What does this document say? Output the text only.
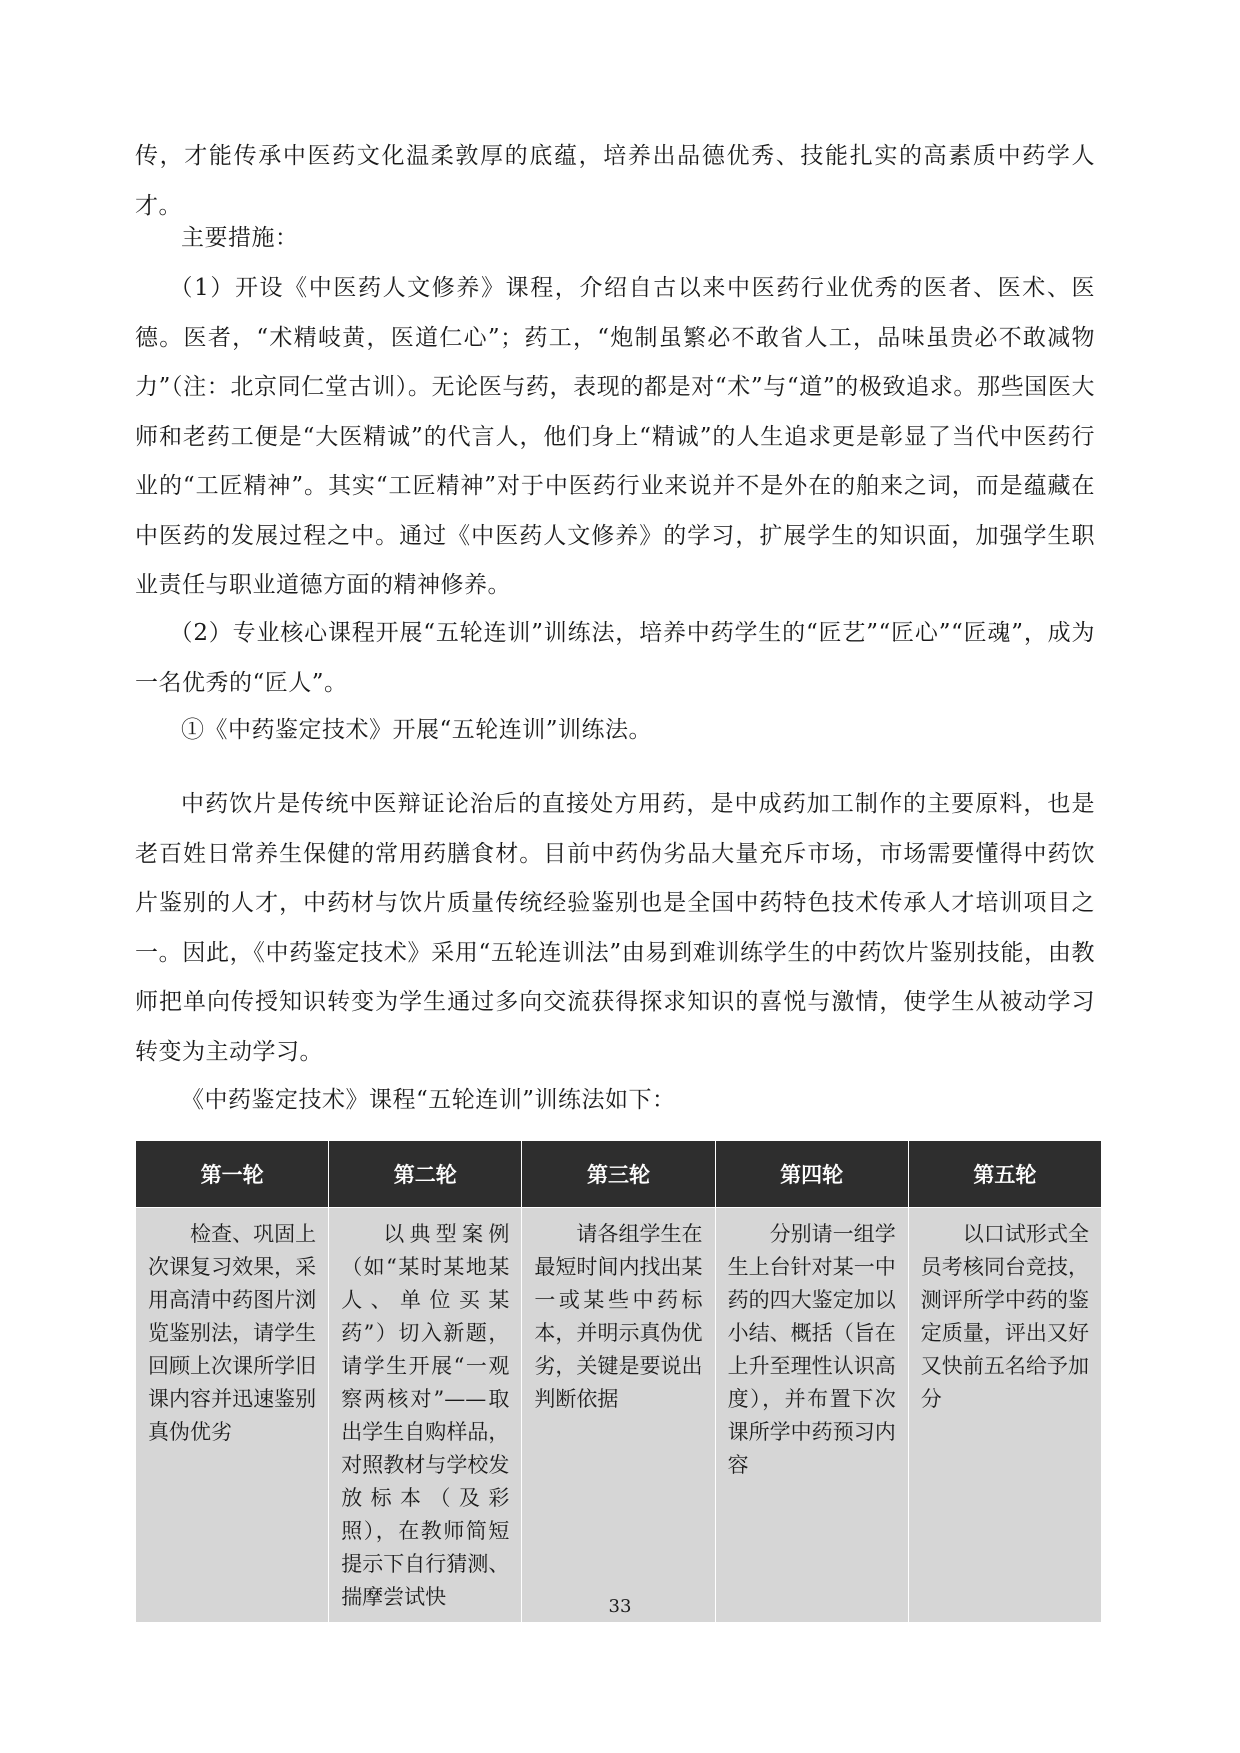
传，才能传承中医药文化温柔敦厚的底蕴，培养出品德优秀、技能扎实的高素质中药学人才。

主要措施：

（1）开设《中医药人文修养》课程，介绍自古以来中医药行业优秀的医者、医术、医德。医者，“术精岐黄，医道仁心”；药工，“炮制虽繁必不敢省人工，品味虽贵必不敢减物力”（注：北京同仁堂古训）。无论医与药，表现的都是对“术”与“道”的极致追求。那些国医大师和老药工便是“大医精诚”的代言人，他们身上“精诚”的人生追求更是彰显了当代中医药行业的“工匠精神”。其实“工匠精神”对于中医药行业来说并不是外在的舶来之词，而是蕴藏在中医药的发展过程之中。通过《中医药人文修养》的学习，扩展学生的知识面，加强学生职业责任与职业道德方面的精神修养。

（2）专业核心课程开展“五轮连训”训练法，培养中药学生的“匠艺”“匠心”“匠魂”，成为一名优秀的“匠人”。

①《中药鉴定技术》开展“五轮连训”训练法。

中药饮片是传统中医辩证论治后的直接处方用药，是中成药加工制作的主要原料，也是老百姓日常养生保健的常用药膳食材。目前中药伪劣品大量充斥市场，市场需要懂得中药饮片鉴别的人才，中药材与饮片质量传统经验鉴别也是全国中药特色技术传承人才培训项目之一。因此，《中药鉴定技术》采用“五轮连训法”由易到难训练学生的中药饮片鉴别技能，由教师把单向传授知识转变为学生通过多向交流获得探求知识的喜悦与激情，使学生从被动学习转变为主动学习。

《中药鉴定技术》课程“五轮连训”训练法如下：

第一轮	第二轮	第三轮	第四轮	第五轮
检查、巩固上次课复习效果，采用高清中药图片浏览鉴别法，请学生回顾上次课所学旧课内容并迅速鉴别真伪优劣	以典型案例（如“某时某地某人、单位买某药”）切入新题，请学生开展“一观察两核对”——取出学生自购样品，对照教材与学校发放标本（及彩照），在教师简短提示下自行猜测、揣摩尝试快	请各组学生在最短时间内找出某一或某些中药标本，并明示真伪优劣，关键是要说出判断依据	分别请一组学生上台针对某一中药的四大鉴定加以小结、概括（旨在上升至理性认识高度），并布置下次课所学中药预习内容	以口试形式全员考核同台竞技，测评所学中药的鉴定质量，评出又好又快前五名给予加分
33
